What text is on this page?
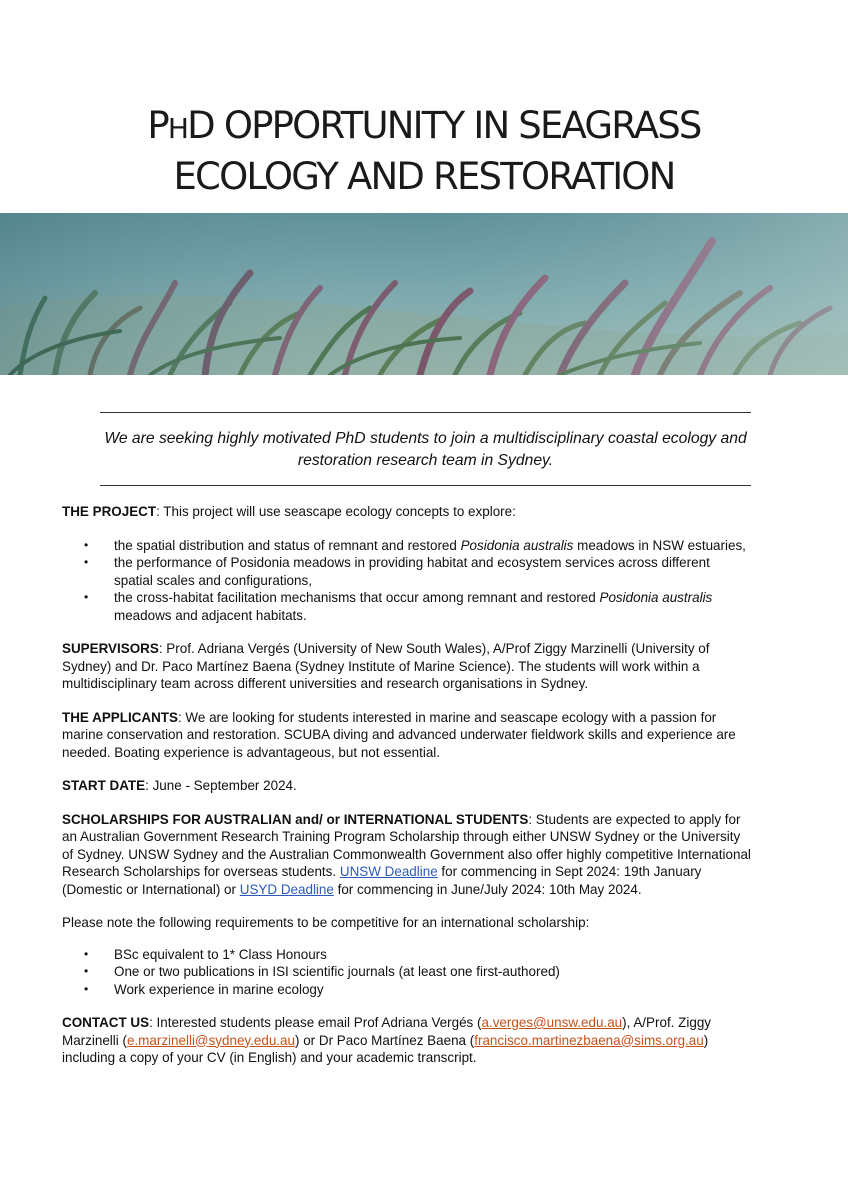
PHD OPPORTUNITY IN SEAGRASS
ECOLOGY AND RESTORATION
We are seeking highly motivated PhD students to join a multidisciplinary coastal ecology and restoration research team in Sydney.

THE PROJECT: This project will use seascape ecology concepts to explore:

• the spatial distribution and status of remnant and restored Posidonia australis meadows in NSW estuaries,
• the performance of Posidonia meadows in providing habitat and ecosystem services across different spatial scales and configurations,
• the cross-habitat facilitation mechanisms that occur among remnant and restored Posidonia australis meadows and adjacent habitats.

SUPERVISORS: Prof. Adriana Vergés (University of New South Wales), A/Prof Ziggy Marzinelli (University of Sydney) and Dr. Paco Martínez Baena (Sydney Institute of Marine Science). The students will work within a multidisciplinary team across different universities and research organisations in Sydney.

THE APPLICANTS: We are looking for students interested in marine and seascape ecology with a passion for marine conservation and restoration. SCUBA diving and advanced underwater fieldwork skills and experience are needed. Boating experience is advantageous, but not essential.

START DATE: June - September 2024.

SCHOLARSHIPS FOR AUSTRALIAN and/ or INTERNATIONAL STUDENTS: Students are expected to apply for an Australian Government Research Training Program Scholarship through either UNSW Sydney or the University of Sydney. UNSW Sydney and the Australian Commonwealth Government also offer highly competitive International Research Scholarships for overseas students. UNSW Deadline for commencing in Sept 2024: 19th January (Domestic or International) or USYD Deadline for commencing in June/July 2024: 10th May 2024.

Please note the following requirements to be competitive for an international scholarship:

• BSc equivalent to 1* Class Honours
• One or two publications in ISI scientific journals (at least one first-authored)
• Work experience in marine ecology

CONTACT US: Interested students please email Prof Adriana Vergés (a.verges@unsw.edu.au), A/Prof. Ziggy Marzinelli (e.marzinelli@sydney.edu.au) or Dr Paco Martínez Baena (francisco.martinezbaena@sims.org.au) including a copy of your CV (in English) and your academic transcript.
